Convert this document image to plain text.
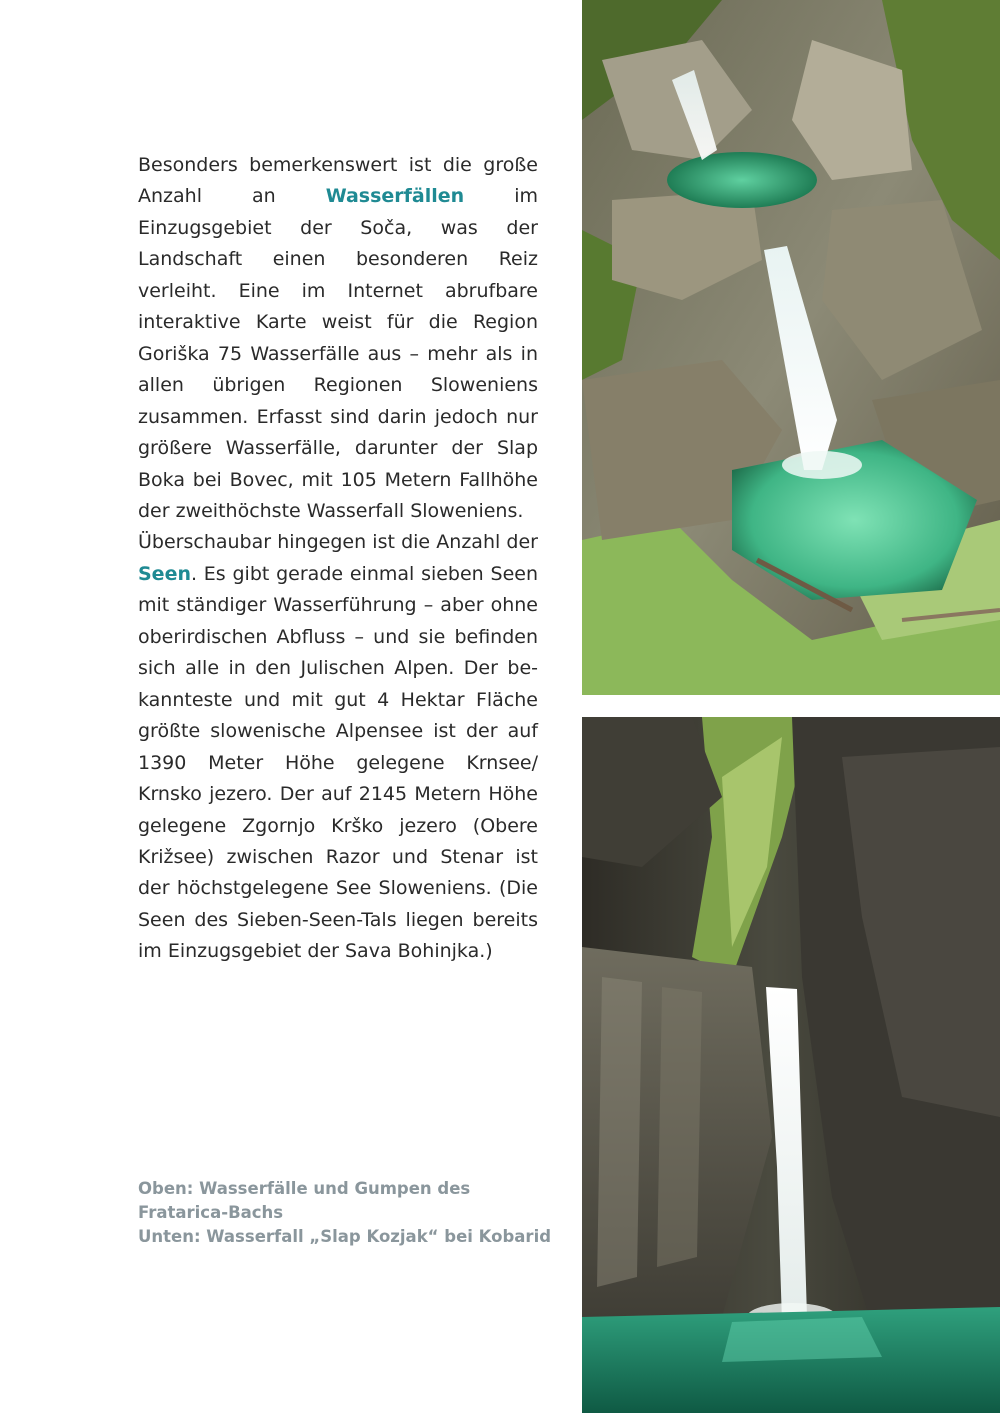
Besonders bemerkenswert ist die große Anzahl an Wasserfällen im Einzugsgebiet der Soča, was der Landschaft einen besonderen Reiz verleiht. Eine im Internet abrufbare interaktive Karte weist für die Region Goriška 75 Wasserfälle aus – mehr als in allen übrigen Regionen Sloweniens zusammen. Erfasst sind darin jedoch nur größere Wasserfälle, darunter der Slap Boka bei Bovec, mit 105 Metern Fallhöhe der zweithöchste Wasserfall Sloweniens.

Überschaubar hingegen ist die Anzahl der Seen. Es gibt gerade einmal sieben Seen mit ständiger Wasserführung – aber ohne oberirdischen Abfluss – und sie befinden sich alle in den Julischen Alpen. Der bekannteste und mit gut 4 Hektar Fläche größte slowenische Alpensee ist der auf 1390 Meter Höhe gelegene Krnsee/ Krnsko jezero. Der auf 2145 Metern Höhe gelegene Zgornjo Krško jezero (Obere Križsee) zwischen Razor und Stenar ist der höchstgelegene See Sloweniens. (Die Seen des Sieben-Seen-Tals liegen bereits im Einzugsgebiet der Sava Bohinjka.)

Oben: Wasserfälle und Gumpen des
Fratarica-Bachs
Unten: Wasserfall „Slap Kozjak“ bei Kobarid
